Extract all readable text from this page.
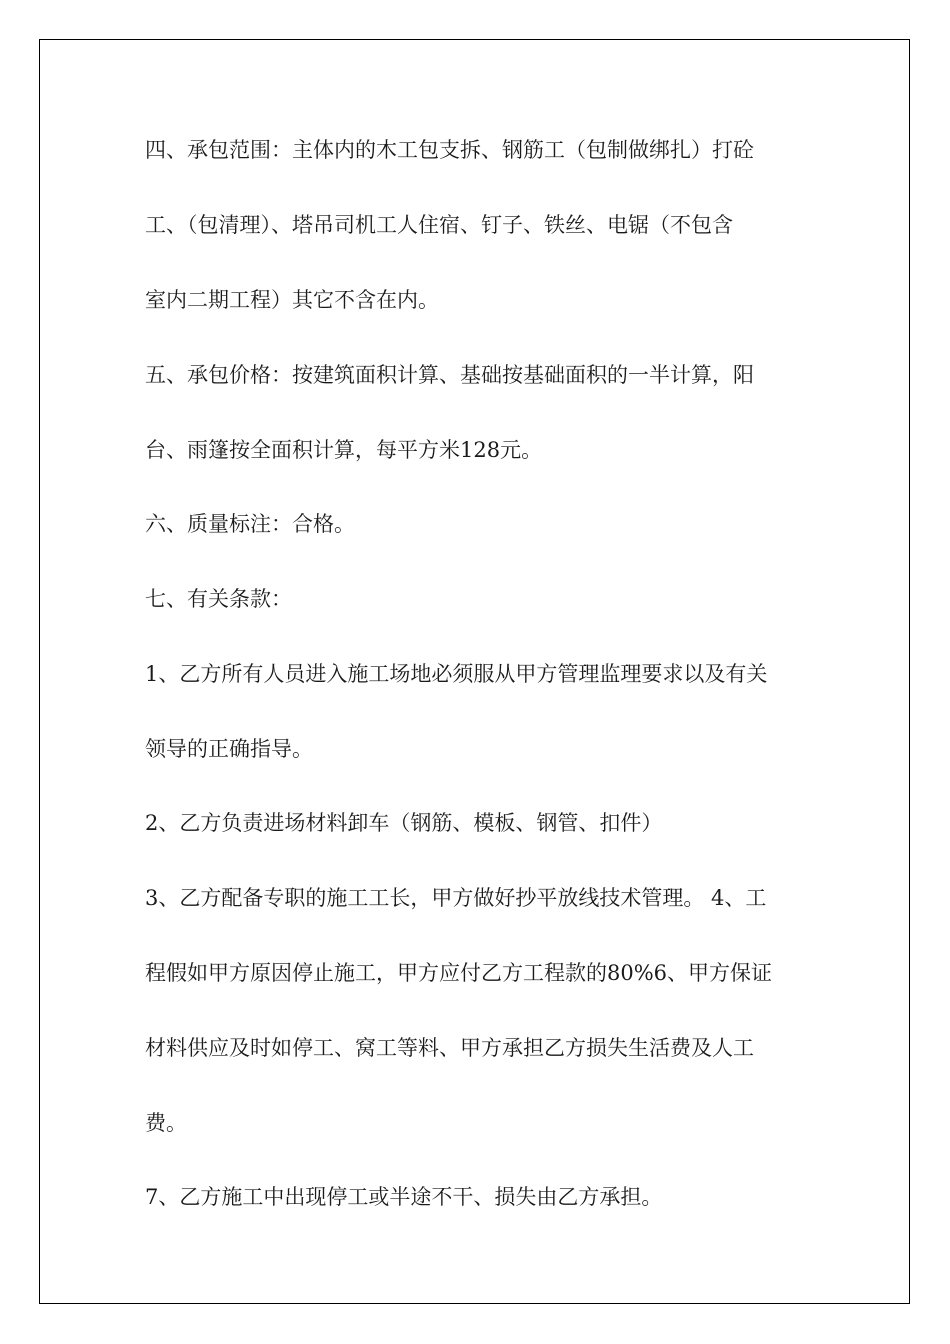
四、承包范围：主体内的木工包支拆、钢筋工（包制做绑扎）打砼

工、（包清理）、塔吊司机工人住宿、钉子、铁丝、电锯（不包含

室内二期工程）其它不含在内。

五、承包价格：按建筑面积计算、基础按基础面积的一半计算，阳

台、雨篷按全面积计算，每平方米128元。

六、质量标注：合格。

七、有关条款：

1、乙方所有人员进入施工场地必须服从甲方管理监理要求以及有关

领导的正确指导。

2、乙方负责进场材料卸车（钢筋、模板、钢管、扣件）

3、乙方配备专职的施工工长，甲方做好抄平放线技术管理。 4、工

程假如甲方原因停止施工，甲方应付乙方工程款的80%6、甲方保证

材料供应及时如停工、窝工等料、甲方承担乙方损失生活费及人工

费。

7、乙方施工中出现停工或半途不干、损失由乙方承担。
